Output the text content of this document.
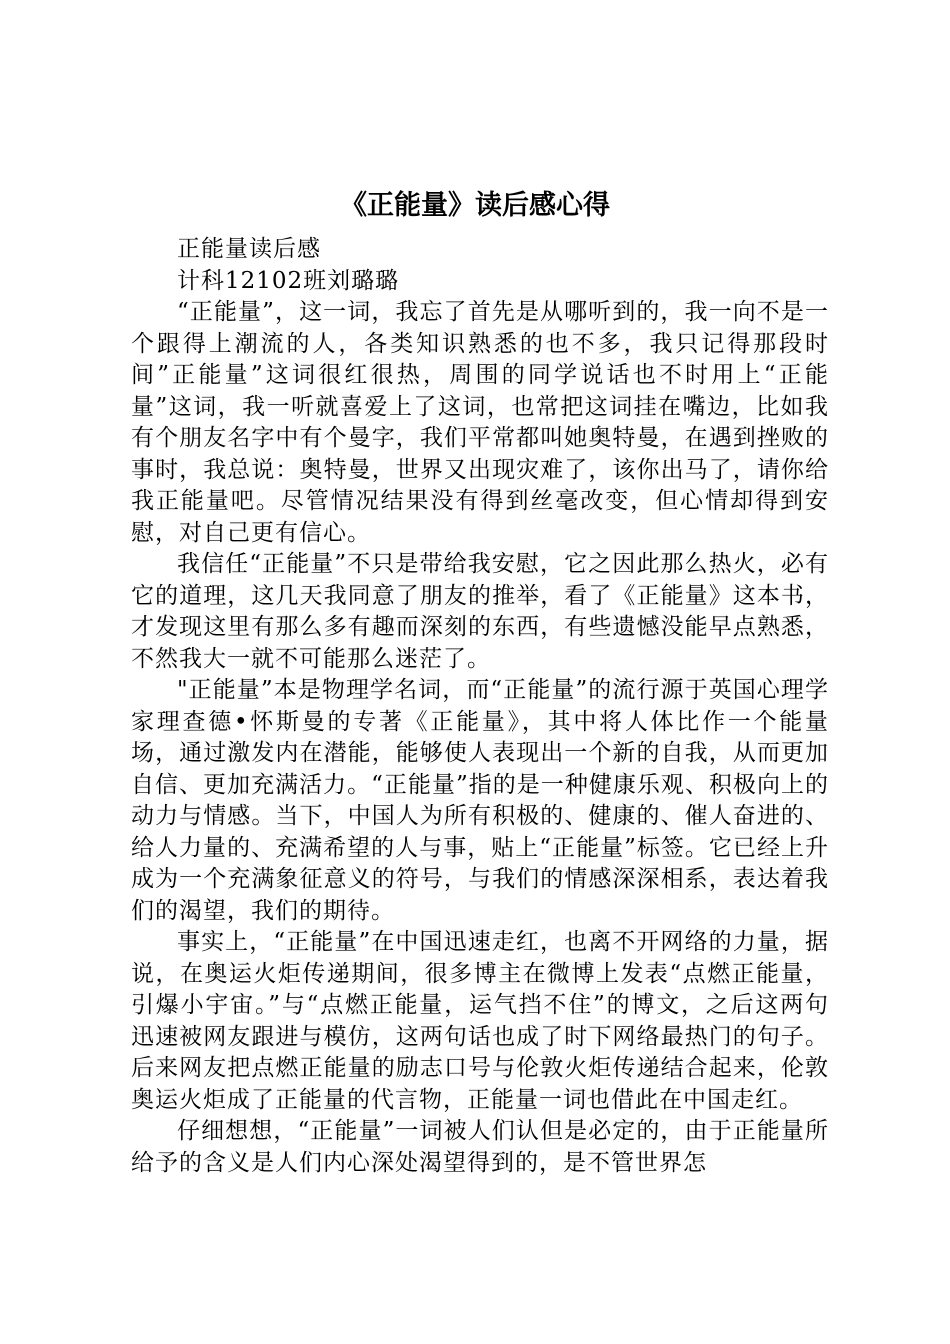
《正能量》读后感心得

正能量读后感

计科12102班刘璐璐

“正能量”，这一词，我忘了首先是从哪听到的，我一向不是一个跟得上潮流的人，各类知识熟悉的也不多，我只记得那段时间”正能量”这词很红很热，周围的同学说话也不时用上“正能量”这词，我一听就喜爱上了这词，也常把这词挂在嘴边，比如我有个朋友名字中有个曼字，我们平常都叫她奥特曼，在遇到挫败的事时，我总说：奥特曼，世界又出现灾难了，该你出马了，请你给我正能量吧。尽管情况结果没有得到丝毫改变，但心情却得到安慰，对自己更有信心。

我信任“正能量”不只是带给我安慰，它之因此那么热火，必有它的道理，这几天我同意了朋友的推举，看了《正能量》这本书，才发现这里有那么多有趣而深刻的东西，有些遗憾没能早点熟悉，不然我大一就不可能那么迷茫了。

"正能量”本是物理学名词，而“正能量”的流行源于英国心理学家理查德•怀斯曼的专著《正能量》，其中将人体比作一个能量场，通过激发内在潜能，能够使人表现出一个新的自我，从而更加自信、更加充满活力。“正能量”指的是一种健康乐观、积极向上的动力与情感。当下，中国人为所有积极的、健康的、催人奋进的、给人力量的、充满希望的人与事，贴上“正能量”标签。它已经上升成为一个充满象征意义的符号，与我们的情感深深相系，表达着我们的渴望，我们的期待。

事实上，“正能量”在中国迅速走红，也离不开网络的力量，据说，在奥运火炬传递期间，很多博主在微博上发表“点燃正能量，引爆小宇宙。”与“点燃正能量，运气挡不住”的博文，之后这两句迅速被网友跟进与模仿，这两句话也成了时下网络最热门的句子。后来网友把点燃正能量的励志口号与伦敦火炬传递结合起来，伦敦奥运火炬成了正能量的代言物，正能量一词也借此在中国走红。

仔细想想，“正能量”一词被人们认但是必定的，由于正能量所给予的含义是人们内心深处渴望得到的，是不管世界怎
